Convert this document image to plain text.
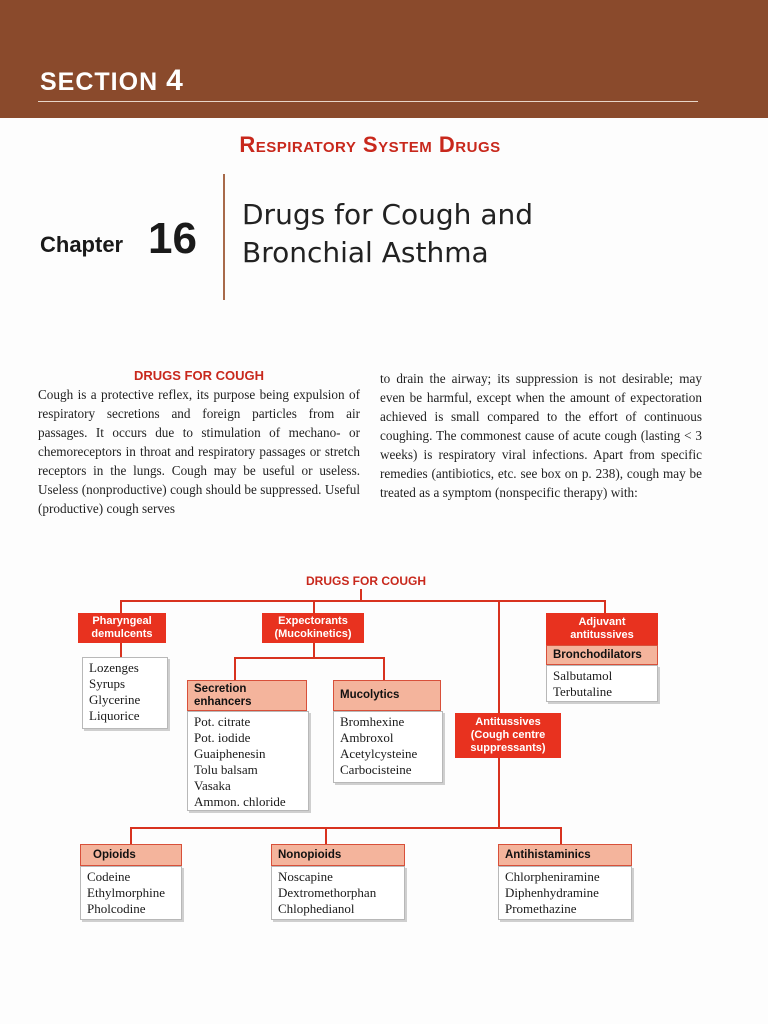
SECTION 4
Respiratory System Drugs
Chapter 16 Drugs for Cough and
Bronchial Asthma
DRUGS FOR COUGH
Cough is a protective reflex, its purpose being expulsion of respiratory secretions and foreign particles from air passages. It occurs due to stimulation of mechano- or chemoreceptors in throat and respiratory passages or stretch receptors in the lungs. Cough may be useful or useless. Useless (nonproductive) cough should be suppressed. Useful (productive) cough serves
to drain the airway; its suppression is not desirable; may even be harmful, except when the amount of expectoration achieved is small compared to the effort of continuous coughing. The commonest cause of acute cough (lasting < 3 weeks) is respiratory viral infections. Apart from specific remedies (antibiotics, etc. see box on p. 238), cough may be treated as a symptom (nonspecific therapy) with:
DRUGS FOR COUGH
Pharyngeal demulcents
Lozenges
Syrups
Glycerine
Liquorice
Expectorants (Mucokinetics)
Secretion enhancers
Pot. citrate
Pot. iodide
Guaiphenesin
Tolu balsam
Vasaka
Ammon. chloride
Mucolytics
Bromhexine
Ambroxol
Acetylcysteine
Carbocisteine
Adjuvant antitussives
Bronchodilators
Salbutamol
Terbutaline
Antitussives (Cough centre suppressants)
Opioids
Codeine
Ethylmorphine
Pholcodine
Nonopioids
Noscapine
Dextromethorphan
Chlophedianol
Antihistaminics
Chlorpheniramine
Diphenhydramine
Promethazine
